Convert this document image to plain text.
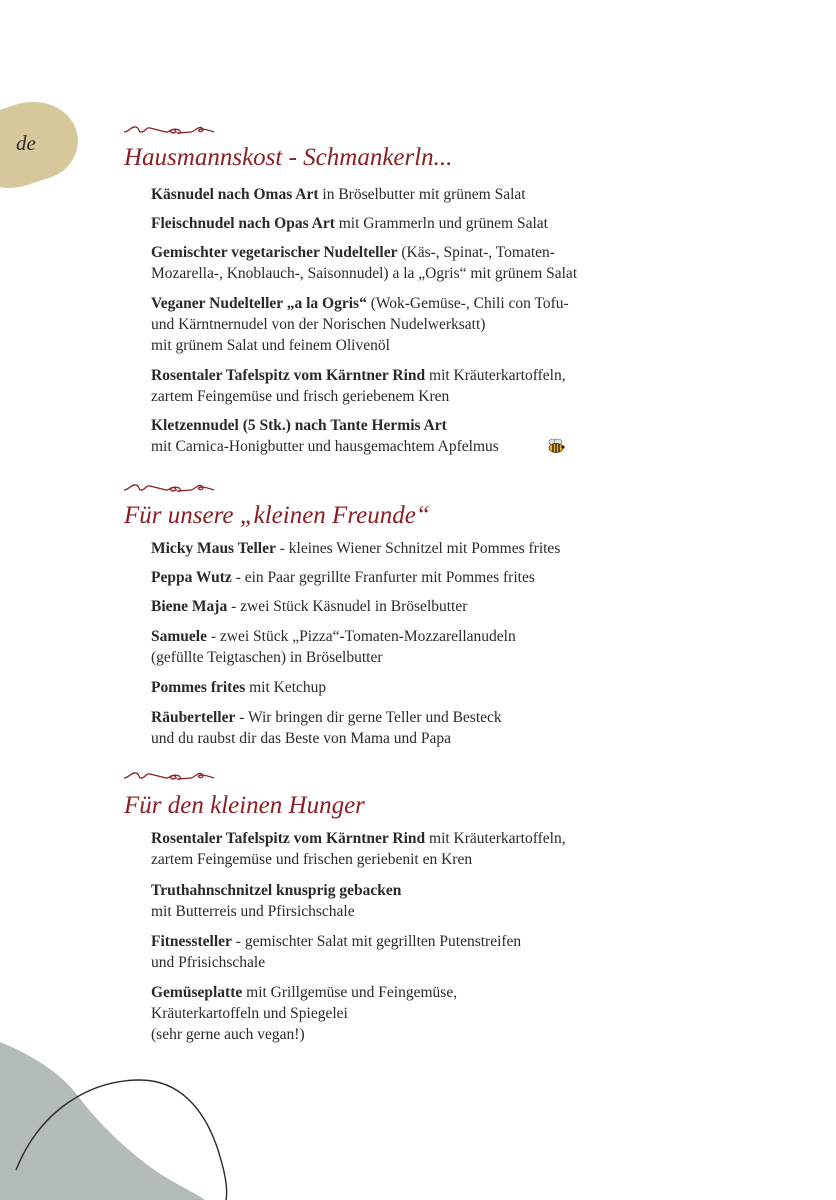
de
Hausmannskost - Schmankerln...
Käsnudel nach Omas Art in Bröselbutter mit grünem Salat
Fleischnudel nach Opas Art mit Grammerln und grünem Salat
Gemischter vegetarischer Nudelteller (Käs-, Spinat-, Tomaten-
Mozarella-, Knoblauch-, Saisonnudel) a la „Ogris“ mit grünem Salat
Veganer Nudelteller „a la Ogris“ (Wok-Gemüse-, Chili con Tofu-
und Kärntnernudel von der Norischen Nudelwerksatt)
mit grünem Salat und feinem Olivenöl
Rosentaler Tafelspitz vom Kärntner Rind mit Kräuterkartoffeln,
zartem Feingemüse und frisch geriebenem Kren
Kletzennudel (5 Stk.) nach Tante Hermis Art
mit Carnica-Honigbutter und hausgemachtem Apfelmus
Für unsere „kleinen Freunde“
Micky Maus Teller - kleines Wiener Schnitzel mit Pommes frites
Peppa Wutz - ein Paar gegrillte Franfurter mit Pommes frites
Biene Maja - zwei Stück Käsnudel in Bröselbutter
Samuele - zwei Stück „Pizza“-Tomaten-Mozzarellanudeln
(gefüllte Teigtaschen) in Bröselbutter
Pommes frites mit Ketchup
Räuberteller - Wir bringen dir gerne Teller und Besteck
und du raubst dir das Beste von Mama und Papa
Für den kleinen Hunger
Rosentaler Tafelspitz vom Kärntner Rind mit Kräuterkartoffeln,
zartem Feingemüse und frischen geriebenit en Kren
Truthahnschnitzel knusprig gebacken
mit Butterreis und Pfirsichschale
Fitnessteller - gemischter Salat mit gegrillten Putenstreifen
und Pfrisichschale
Gemüseplatte mit Grillgemüse und Feingemüse,
Kräuterkartoffeln und Spiegelei
(sehr gerne auch vegan!)
